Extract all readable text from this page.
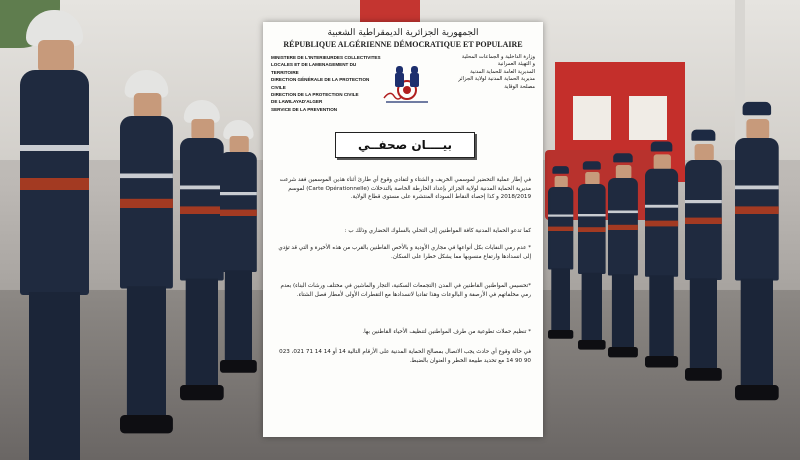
الجمهورية الجزائرية الديمقراطية الشعبية
RÉPUBLIQUE ALGÉRIENNE DÉMOCRATIQUE ET POPULAIRE
MINISTERE DE L'INTERIEURDES COLLECTIVITES
LOCALES ET DE LAMENAGEMENT DU TERRITOIRE
DIRECTION GÉNÉRALE DE LA PROTECTION CIVILE
DIRECTION DE LA PROTECTION CIVILE
DE LAWILAYAD'ALGER
SERVICE DE LA PREVENTION
وزارة الداخلية و الجماعات المحلية
و التهيئة العمرانية
المديرية العامة للحماية المدنية
مديرية الحماية المدنية لولاية الجزائر
مصلحة الوقاية
بيــــان صحفــي
في إطار عملية التحضير لموسمي الخريف و الشتاء و لتفادي وقوع أي طارئ أثناء هذين الموسمين فقد شرعت مديرية الحماية المدنية لولاية الجزائر بإعداد الخارطة الخاصة بالتدخلات (Carte Opérationnelle) لموسم 2018/2019 و كذا إحصاء النقاط السوداء المنتشرة على مستوى قطاع الولاية.
كما تدعو الحماية المدنية كافة المواطنين إلى التحلي بالسلوك الحضاري وذلك ب :
* عدم رمي النفايات بكل أنواعها في مجاري الأودية و بالأخص القاطنين بالقرب من هذه الأخيرة و التي قد تؤدي إلى انسدادها وارتفاع منسوبها مما يشكل خطرا على السكان.
*تحسيس المواطنين القاطنين في المدن (التجمعات السكنية، التجار والماشين في مختلف ورشات البناء) بعدم رمي مخلفاتهم في الأرصفة و البالوعات وهذا تفاديا لانسدادها مع التقطرات الأولى لأمطار فصل الشتاء.
* تنظيم حملات تطوعية من طرف المواطنين لتنظيف الأحياء القاطنين بها.
في حالة وقوع أي حادث يجب الاتصال بمصالح الحماية المدنية على الأرقام التالية 14 أو 14 14 71 021، 023 90 90 14 مع تحديد طبيعة الخطر و العنوان بالضبط.
